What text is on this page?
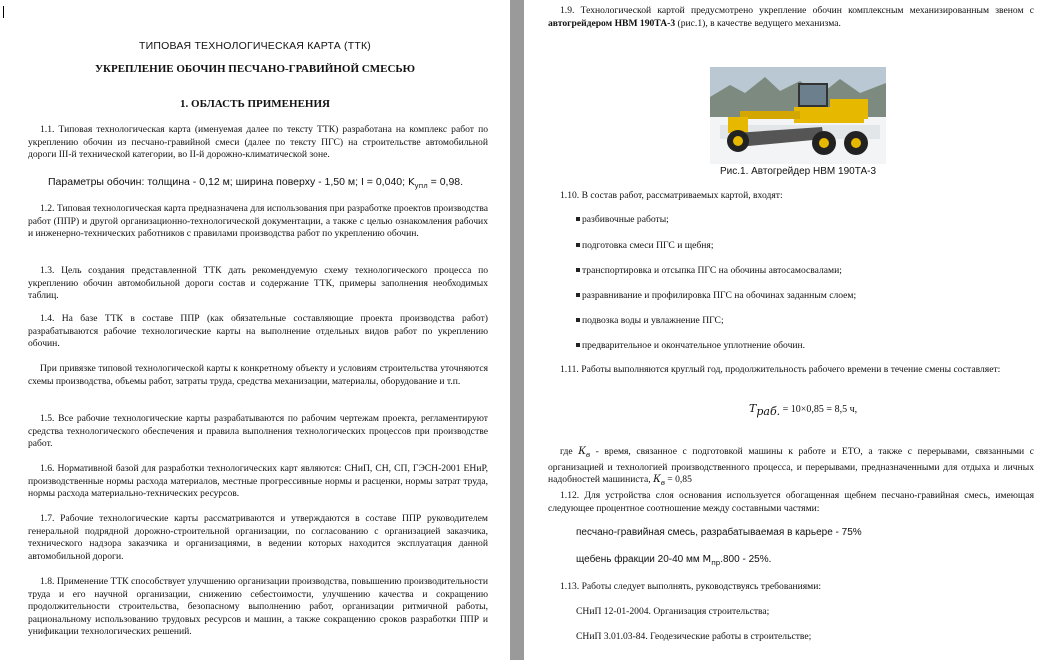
ТИПОВАЯ ТЕХНОЛОГИЧЕСКАЯ КАРТА (ТТК)
УКРЕПЛЕНИЕ ОБОЧИН ПЕСЧАНО-ГРАВИЙНОЙ СМЕСЬЮ
1. ОБЛАСТЬ ПРИМЕНЕНИЯ

1.1. Типовая технологическая карта (именуемая далее по тексту ТТК) разработана на комплекс работ по укреплению обочин из песчано-гравийной смеси (далее по тексту ПГС) на строительстве автомобильной дороги III-й технической категории, во II-й дорожно-климатической зоне.

Параметры обочин: толщина - 0,12 м; ширина поверху - 1,50 м; I = 0,040; $K_{упл} = 0,98$.

1.2. Типовая технологическая карта предназначена для использования при разработке проектов производства работ (ППР) и другой организационно-технологической документации, а также с целью ознакомления рабочих и инженерно-технических работников с правилами производства работ по укреплению обочин.

1.3. Цель создания представленной ТТК дать рекомендуемую схему технологического процесса по укреплению обочин автомобильной дороги состав и содержание ТТК, примеры заполнения необходимых таблиц.

1.4. На базе ТТК в составе ППР (как обязательные составляющие проекта производства работ) разрабатываются рабочие технологические карты на выполнение отдельных видов работ по укреплению обочин.

При привязке типовой технологической карты к конкретному объекту и условиям строительства уточняются схемы производства, объемы работ, затраты труда, средства механизации, материалы, оборудование и т.п.

1.5. Все рабочие технологические карты разрабатываются по рабочим чертежам проекта, регламентируют средства технологического обеспечения и правила выполнения технологических процессов при производстве работ.

1.6. Нормативной базой для разработки технологических карт являются: СНиП, СН, СП, ГЭСН-2001 ЕНиР, производственные нормы расхода материалов, местные прогрессивные нормы и расценки, нормы затрат труда, нормы расхода материально-технических ресурсов.

1.7. Рабочие технологические карты рассматриваются и утверждаются в составе ППР руководителем генеральной подрядной дорожно-строительной организации, по согласованию с организацией заказчика, технического надзора заказчика и организациями, в ведении которых находится эксплуатация данной автомобильной дороги.

1.8. Применение ТТК способствует улучшению организации производства, повышению производительности труда и его научной организации, снижению себестоимости, улучшению качества и сокращению продолжительности строительства, безопасному выполнению работ, организации ритмичной работы, рациональному использованию трудовых ресурсов и машин, а также сокращению сроков разработки ППР и унификации технологических решений.

1.9. Технологической картой предусмотрено укрепление обочин комплексным механизированным звеном с автогрейдером НВМ 190ТА-3 (рис.1), в качестве ведущего механизма.

Рис.1. Автогрейдер НВМ 190ТА-3

1.10. В состав работ, рассматриваемых картой, входят:

разбивочные работы;
подготовка смеси ПГС и щебня;
транспортировка и отсыпка ПГС на обочины автосамосвалами;
разравнивание и профилировка ПГС на обочинах заданным слоем;
подвозка воды и увлажнение ПГС;
предварительное и окончательное уплотнение обочин.

1.11. Работы выполняются круглый год, продолжительность рабочего времени в течение смены составляет:

$T_{раб.} = 10\times 0,85 = 8,5$ ч,

где $К_в$ - время, связанное с подготовкой машины к работе и ЕТО, а также с перерывами, связанными с организацией и технологией производственного процесса, и перерывами, предназначенными для отдыха и личных надобностей машиниста, $К_в = 0,85$

1.12. Для устройства слоя основания используется обогащенная щебнем песчано-гравийная смесь, имеющая следующее процентное соотношение между составными частями:

песчано-гравийная смесь, разрабатываемая в карьере - 75%
щебень фракции 20-40 мм $M_{пр}.800 - 25\%$.

1.13. Работы следует выполнять, руководствуясь требованиями:

СНиП 12-01-2004. Организация строительства;
СНиП 3.01.03-84. Геодезические работы в строительстве;
